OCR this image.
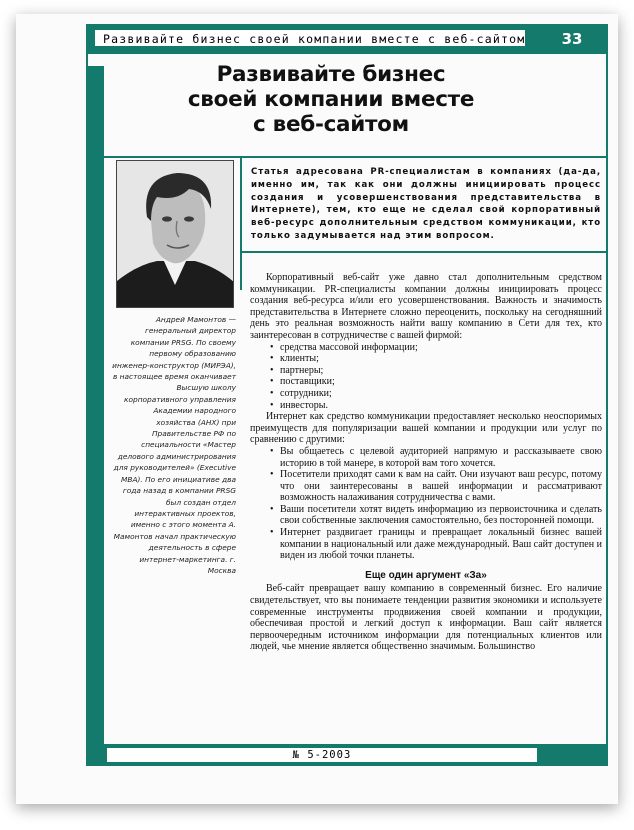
Развивайте бизнес своей компании вместе с веб-сайтом	33
Развивайте бизнес
своей компании вместе
с веб-сайтом
Андрей Мамонтов — генеральный директор компании PRSG. По своему первому образованию инженер-конструктор (МИРЭА), в настоящее время оканчивает Высшую школу корпоративного управления Академии народного хозяйства (АНХ) при Правительстве РФ по специальности «Мастер делового администрирования для руководителей» (Executive MBA). По его инициативе два года назад в компании PRSG был создан отдел интерактивных проектов, именно с этого момента А. Мамонтов начал практическую деятельность в сфере интернет-маркетинга. г. Москва
Статья адресована PR-специалистам в компаниях (да-да, именно им, так как они должны инициировать процесс создания и усовершенствования представительства в Интернете), тем, кто еще не сделал свой корпоративный веб-ресурс дополнительным средством коммуникации, кто только задумывается над этим вопросом.

Корпоративный веб-сайт уже давно стал дополнительным средством коммуникации. PR-специалисты компании должны инициировать процесс создания веб-ресурса и/или его усовершенствования. Важность и значимость представительства в Интернете сложно переоценить, поскольку на сегодняшний день это реальная возможность найти вашу компанию в Сети для тех, кто заинтересован в сотрудничестве с вашей фирмой:

• средства массовой информации;
• клиенты;
• партнеры;
• поставщики;
• сотрудники;
• инвесторы.

Интернет как средство коммуникации предоставляет несколько неоспоримых преимуществ для популяризации вашей компании и продукции или услуг по сравнению с другими:

• Вы общаетесь с целевой аудиторией напрямую и рассказываете свою историю в той манере, в которой вам того хочется.
• Посетители приходят сами к вам на сайт. Они изучают ваш ресурс, потому что они заинтересованы в вашей информации и рассматривают возможность налаживания сотрудничества с вами.
• Ваши посетители хотят видеть информацию из первоисточника и сделать свои собственные заключения самостоятельно, без посторонней помощи.
• Интернет раздвигает границы и превращает локальный бизнес вашей компании в национальный или даже международный. Ваш сайт доступен и виден из любой точки планеты.

Еще один аргумент «За»

Веб-сайт превращает вашу компанию в современный бизнес. Его наличие свидетельствует, что вы понимаете тенденции развития экономики и используете современные инструменты продвижения своей компании и продукции, обеспечивая простой и легкий доступ к информации. Ваш сайт является первоочередным источником информации для потенциальных клиентов или людей, чье мнение является общественно значимым. Большинство

№ 5-2003
